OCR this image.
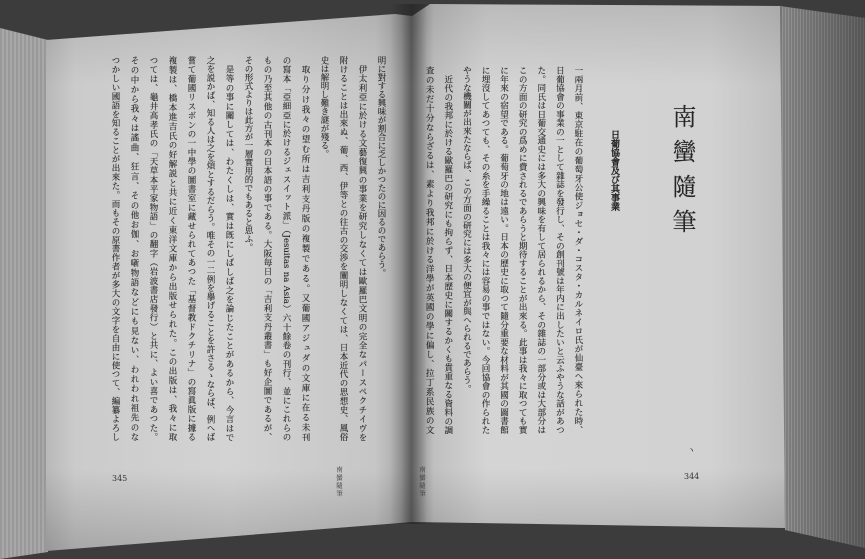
南蠻隨筆
日葡協會及び其事業
一兩月前、東京駐在の葡萄牙公使ジョセ・ダ・コスタ・カルネイロ氏が仙臺へ來られた時、
日葡協會の事業の一として雜誌を發行し、その創刊號は年内に出したいと云ふやうな話があつ
た。同氏は日葡交通史には多大の興味を有して居られるから、その雜誌の一部分或は大部分は
この方面の研究の爲めに費されるであらうと期待することが出來る。此事は我々に取つても實
に年來の宿望である。葡萄牙の地は遠い。日本の歷史に取つて隨分重要な材料が其國の圖書館
に埋沒してあつても、その糸を手繰ることは我々には容易の事ではない。今回協會の作られた
やうな機關が出來たならば、この方面の研究には多大の便宜が與へられるであらう。
近代の我邦に於ける歐羅巴の研究にも拘らず、日本歷史に關するかくも貴重なる資料の調
査の未だ十分ならざるは、素より我邦に於ける洋學が英國の學に偏し、拉丁系民族の文
ヽ
南蠻隨筆	344
明に對する興味が割合に乏しかつたのに因るのであらう。
伊太利亞に於ける文藝復興の事業を研究しなくては歐羅巴文明の完全なパースペクチイヴを
附けることは出來ぬ、葡、西、伊等との往古の交渉を闡明しなくては、日本近代の思想史、風俗
史は解明し難き謎が殘る。
取り分け我々の望む所は吉利支丹版の複製である。又葡國アジュダの文庫に在る未刊
の寫本「亞細亞に於けるジェスイット派」（Jesuitas na Asia）六十餘卷の刊行、並にこれらの
もの乃至其他の古刊本の日本語の事である。大阪毎日の「吉利支丹叢書」も好企圖であるが、
その形式よりは此方が一層實用的でもあると思ふ。
是等の事に關しては、わたくしは、實は旣にしばしば之を論じたことがあるから、今言はで
之を説かば、知る人は之を煩とするだらう。唯その一二例を擧げることを許さるゝならば、例へば
嘗て葡國リスボンの一中學の圖書室に藏せられてあつた「基督教ドクチリナ」の寫眞版に據る
複製は、橋本進吉氏の好解説と共に近く東洋文庫から出版せられた。この出版は、我々に取
つては、龜井高孝氏の「天草本平家物語」の翻字（岩波書店發行）と共に、よい喜であつた。
その中から我々は謠曲、狂言、その他お伽、お噺物語などにも見ない、われわれ祖先のな
つかしい國語を知ることが出來た。而もその原書作者が多大の文字を自由に使つて、編纂よろし
南蠻隨筆
345
